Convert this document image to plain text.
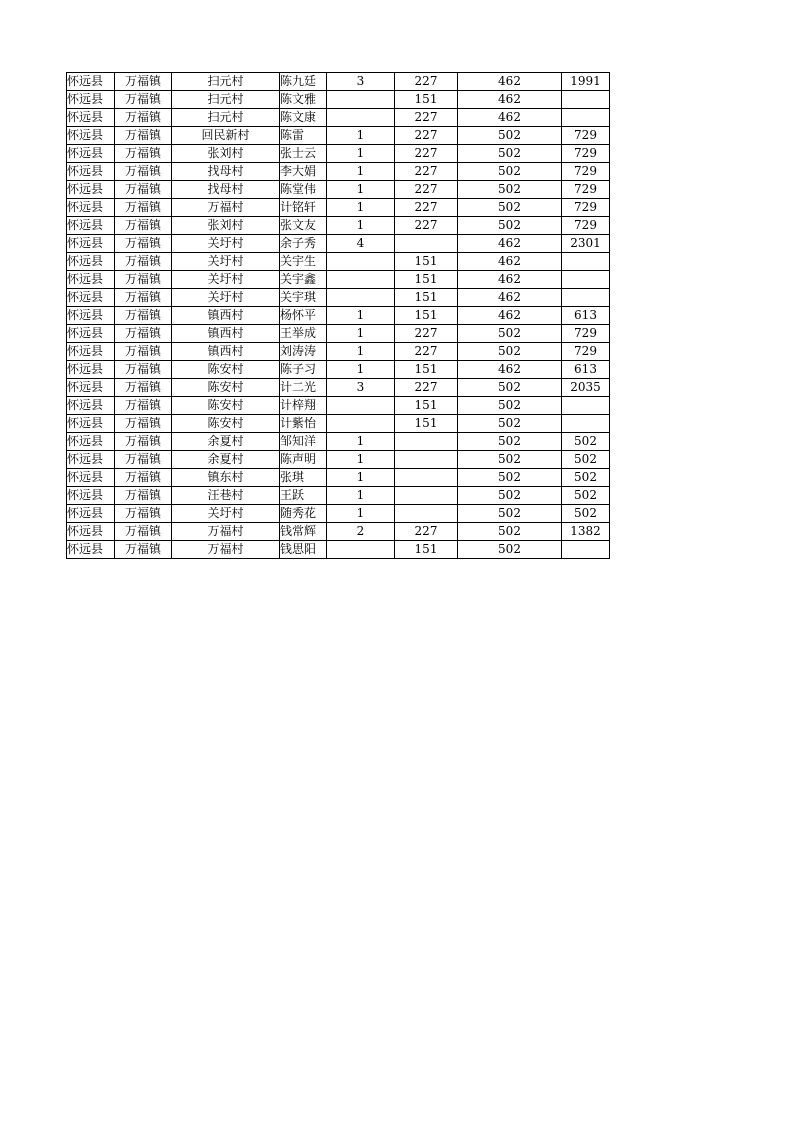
怀远县	万福镇	扫元村	陈九廷	3	227	462	1991
怀远县	万福镇	扫元村	陈文雅		151	462	
怀远县	万福镇	扫元村	陈文康		227	462	
怀远县	万福镇	回民新村	陈雷	1	227	502	729
怀远县	万福镇	张刘村	张士云	1	227	502	729
怀远县	万福镇	找母村	李大娟	1	227	502	729
怀远县	万福镇	找母村	陈堂伟	1	227	502	729
怀远县	万福镇	万福村	计铭轩	1	227	502	729
怀远县	万福镇	张刘村	张文友	1	227	502	729
怀远县	万福镇	关圩村	余子秀	4		462	2301
怀远县	万福镇	关圩村	关宇生		151	462	
怀远县	万福镇	关圩村	关宇鑫		151	462	
怀远县	万福镇	关圩村	关宇琪		151	462	
怀远县	万福镇	镇西村	杨怀平	1	151	462	613
怀远县	万福镇	镇西村	王举成	1	227	502	729
怀远县	万福镇	镇西村	刘涛涛	1	227	502	729
怀远县	万福镇	陈安村	陈子习	1	151	462	613
怀远县	万福镇	陈安村	计二光	3	227	502	2035
怀远县	万福镇	陈安村	计梓翔		151	502	
怀远县	万福镇	陈安村	计紫怡		151	502	
怀远县	万福镇	余夏村	邹知洋	1		502	502
怀远县	万福镇	余夏村	陈声明	1		502	502
怀远县	万福镇	镇东村	张琪	1		502	502
怀远县	万福镇	汪巷村	王跃	1		502	502
怀远县	万福镇	关圩村	随秀花	1		502	502
怀远县	万福镇	万福村	钱常辉	2	227	502	1382
怀远县	万福镇	万福村	钱思阳		151	502	
